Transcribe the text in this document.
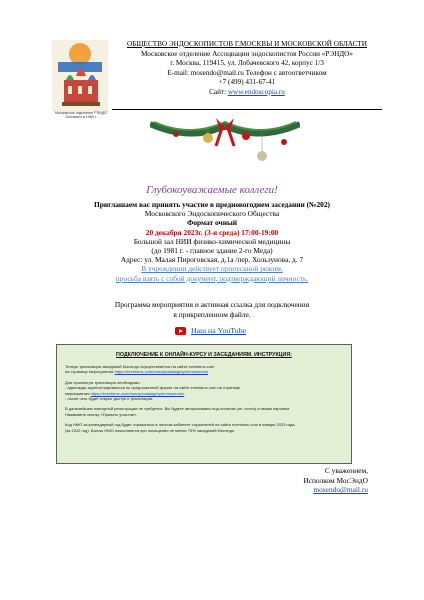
Московское отделение РЭНДО
Основано в 1989 г.
ОБЩЕСТВО ЭНДОСКОПИСТОВ Г.МОСКВЫ И МОСКОВСКОЙ ОБЛАСТИ
Московское отделение Ассоциации эндоскопистов России «РЭНДО»
г. Москва, 119415, ул. Лобачевского 42, корпус 1/3
E-mail: mosendo@mail.ru Телефон с автоответчиком
+7 (499) 431-67-41
Сайт: www.endoscopia.ru
Глубокоуважаемые коллеги!
Приглашаем вас принять участие в предновогоднем заседании (№202)
Московского Эндоскопического Общества
Формат очный
20 декабря 2023г. (3-я среда) 17:00-19:00
Большой зал НИИ физико-химической медицины
(до 1981 г. - главное здание 2-го Меда)
Адрес: ул. Малая Пироговская, д.1а /пер. Хользунова, д. 7
В учреждении действует пропускной режим,
просьба взять с собой документ, подтверждающий личность.
Программа мероприятия и активная ссылка для подключения
в прикрепленном файле.
Наш на YouTube
ПОДКЛЮЧЕНИЕ К ОНЛАЙН-КУРСУ И ЗАСЕДАНИЯМ. ИНСТРУКЦИЯ:

Теперь трансляция заседаний Мосэндо осуществляется на сайте eventsmc.com
на странице мероприятия https://eventsmc.com/mosvp/catalog/cycle/mosendo/

Для просмотра трансляции необходимо:
- единожды зарегистрироваться по предложенной форме на сайте eventsmc.com на странице
мероприятия https://eventsmc.com/mosvp/catalog/cycle/mosendo/
- после чего будет открыт доступ к трансляции.

В дальнейшем повторной регистрации не требуется. Вы будете авторизованы под логином (эл. почта) и своим паролем.
Нажимаете кнопку «Принять участие».

Код НМО за календарный год будет отражаться в личном кабинете слушателей на сайте eventsmc.com в январе 2023 года
(за 2022 год). Баллы НМО начисляются при посещении не менее 75% заседаний Мосэндо.

С уважением,
Исполком МосЭндО
mosendo@mail.ru
